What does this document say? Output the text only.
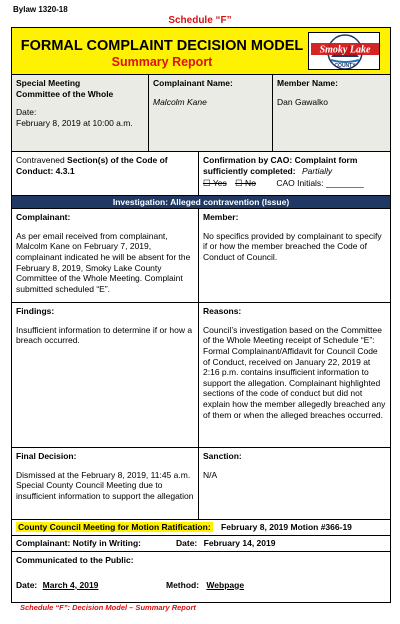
Bylaw 1320-18
Schedule “F”
FORMAL COMPLAINT DECISION MODEL
Summary Report
Smoky Lake
COUNTY
Special Meeting
Committee of the Whole
Date:
February 8, 2019 at 10:00 a.m.
Complainant Name:
Malcolm Kane
Member Name:
Dan Gawalko
Contravened Section(s) of the Code of Conduct: 4.3.1
Confirmation by CAO: Complaint form sufficiently completed: Partially
☐ Yes ☐ No CAO Initials: ________
Investigation: Alleged contravention (Issue)
Complainant:
As per email received from complainant, Malcolm Kane on February 7, 2019, complainant indicated he will be absent for the February 8, 2019, Smoky Lake County Committee of the Whole Meeting. Complaint submitted scheduled “E”.
Member:
No specifics provided by complainant to specify if or how the member breached the Code of Conduct of Council.
Findings:
Insufficient information to determine if or how a breach occurred.
Reasons:
Council’s investigation based on the Committee of the Whole Meeting receipt of Schedule “E”: Formal Complainant/Affidavit for Council Code of Conduct, received on January 22, 2019 at 2:16 p.m. contains insufficient information to support the allegation. Complainant highlighted sections of the code of conduct but did not explain how the member allegedly breached any of them or when the alleged breaches occurred.
Final Decision:
Dismissed at the February 8, 2019, 11:45 a.m. Special County Council Meeting due to insufficient information to support the allegation
Sanction:
N/A
County Council Meeting for Motion Ratification: February 8, 2019 Motion #366-19
Complainant: Notify in Writing:	Date: February 14, 2019
Communicated to the Public:
Date: March 4, 2019	Method: Webpage
Schedule “F”: Decision Model – Summary Report
